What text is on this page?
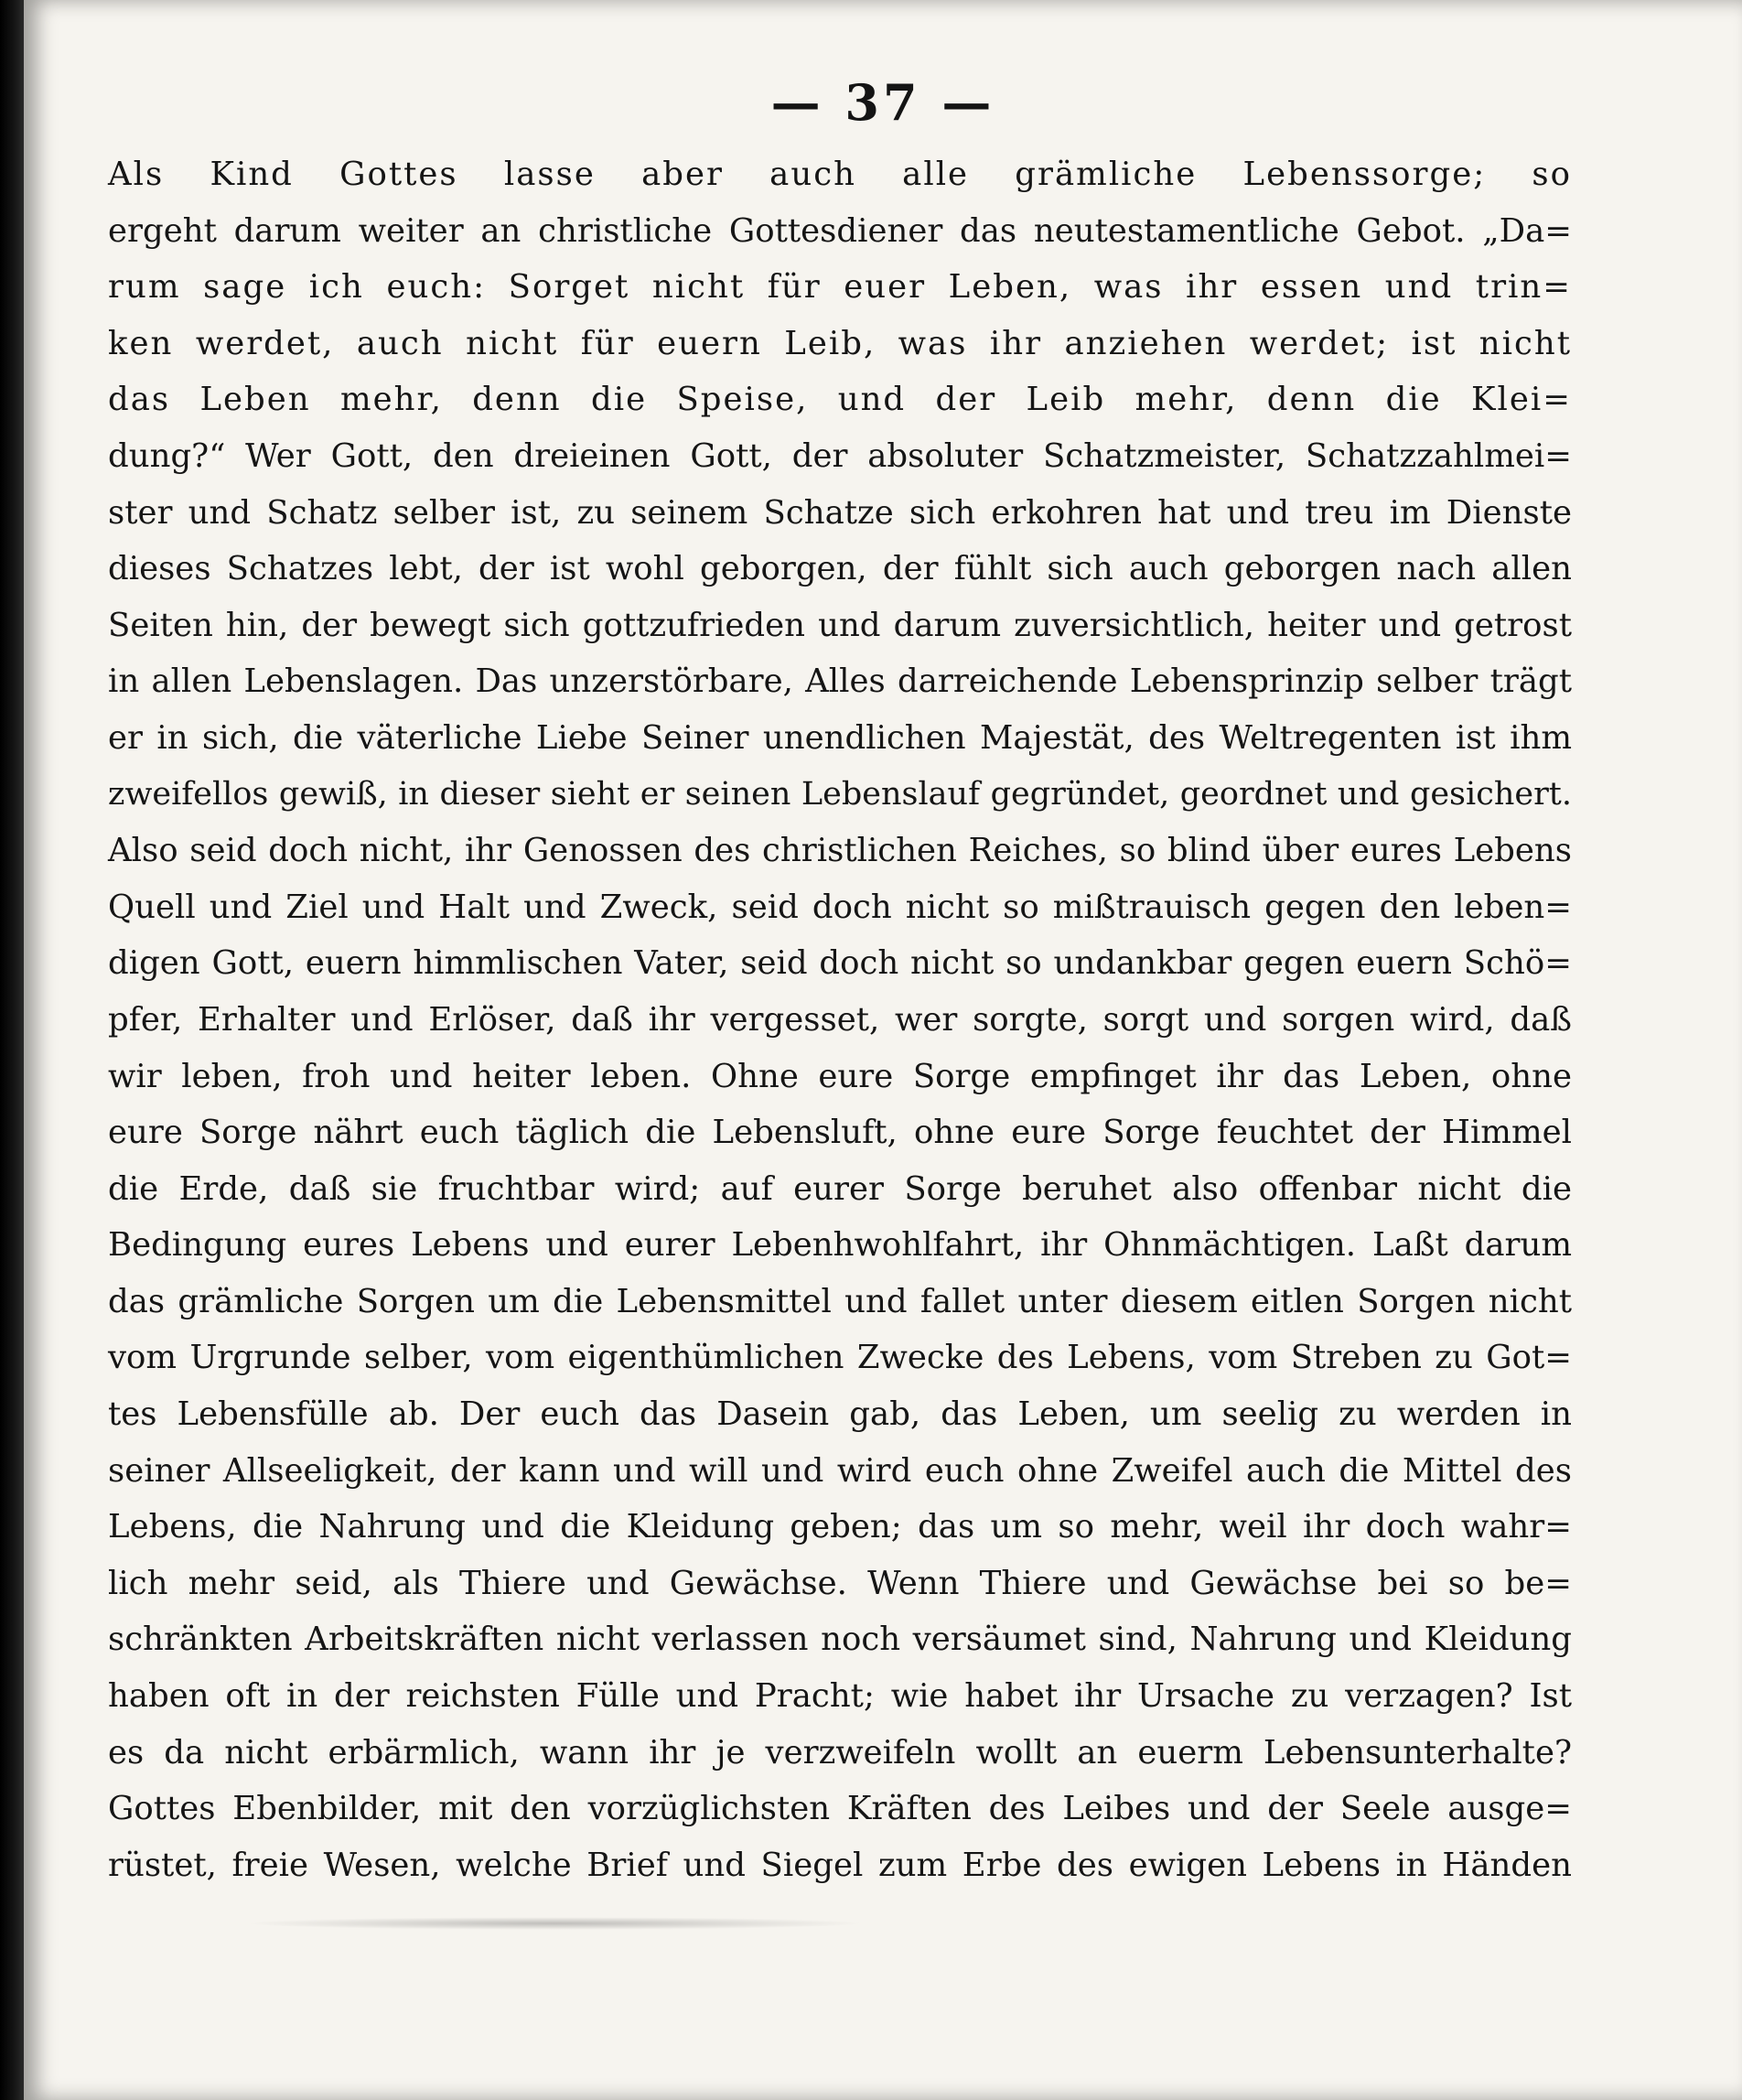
— 37 —
Als Kind Gottes lasse aber auch alle grämliche Lebenssorge; so
ergeht darum weiter an christliche Gottesdiener das neutestamentliche Gebot. „Da=
rum sage ich euch: Sorget nicht für euer Leben, was ihr essen und trin=
ken werdet, auch nicht für euern Leib, was ihr anziehen werdet; ist nicht
das Leben mehr, denn die Speise, und der Leib mehr, denn die Klei=
dung?“ Wer Gott, den dreieinen Gott, der absoluter Schatzmeister, Schatzzahlmei=
ster und Schatz selber ist, zu seinem Schatze sich erkohren hat und treu im Dienste
dieses Schatzes lebt, der ist wohl geborgen, der fühlt sich auch geborgen nach allen
Seiten hin, der bewegt sich gottzufrieden und darum zuversichtlich, heiter und getrost
in allen Lebenslagen. Das unzerstörbare, Alles darreichende Lebensprinzip selber trägt
er in sich, die väterliche Liebe Seiner unendlichen Majestät, des Weltregenten ist ihm
zweifellos gewiß, in dieser sieht er seinen Lebenslauf gegründet, geordnet und gesichert.
Also seid doch nicht, ihr Genossen des christlichen Reiches, so blind über eures Lebens
Quell und Ziel und Halt und Zweck, seid doch nicht so mißtrauisch gegen den leben=
digen Gott, euern himmlischen Vater, seid doch nicht so undankbar gegen euern Schö=
pfer, Erhalter und Erlöser, daß ihr vergesset, wer sorgte, sorgt und sorgen wird, daß
wir leben, froh und heiter leben. Ohne eure Sorge empfinget ihr das Leben, ohne
eure Sorge nährt euch täglich die Lebensluft, ohne eure Sorge feuchtet der Himmel
die Erde, daß sie fruchtbar wird; auf eurer Sorge beruhet also offenbar nicht die
Bedingung eures Lebens und eurer Lebenhwohlfahrt, ihr Ohnmächtigen. Laßt darum
das grämliche Sorgen um die Lebensmittel und fallet unter diesem eitlen Sorgen nicht
vom Urgrunde selber, vom eigenthümlichen Zwecke des Lebens, vom Streben zu Got=
tes Lebensfülle ab. Der euch das Dasein gab, das Leben, um seelig zu werden in
seiner Allseeligkeit, der kann und will und wird euch ohne Zweifel auch die Mittel des
Lebens, die Nahrung und die Kleidung geben; das um so mehr, weil ihr doch wahr=
lich mehr seid, als Thiere und Gewächse. Wenn Thiere und Gewächse bei so be=
schränkten Arbeitskräften nicht verlassen noch versäumet sind, Nahrung und Kleidung
haben oft in der reichsten Fülle und Pracht; wie habet ihr Ursache zu verzagen? Ist
es da nicht erbärmlich, wann ihr je verzweifeln wollt an euerm Lebensunterhalte?
Gottes Ebenbilder, mit den vorzüglichsten Kräften des Leibes und der Seele ausge=
rüstet, freie Wesen, welche Brief und Siegel zum Erbe des ewigen Lebens in Händen
